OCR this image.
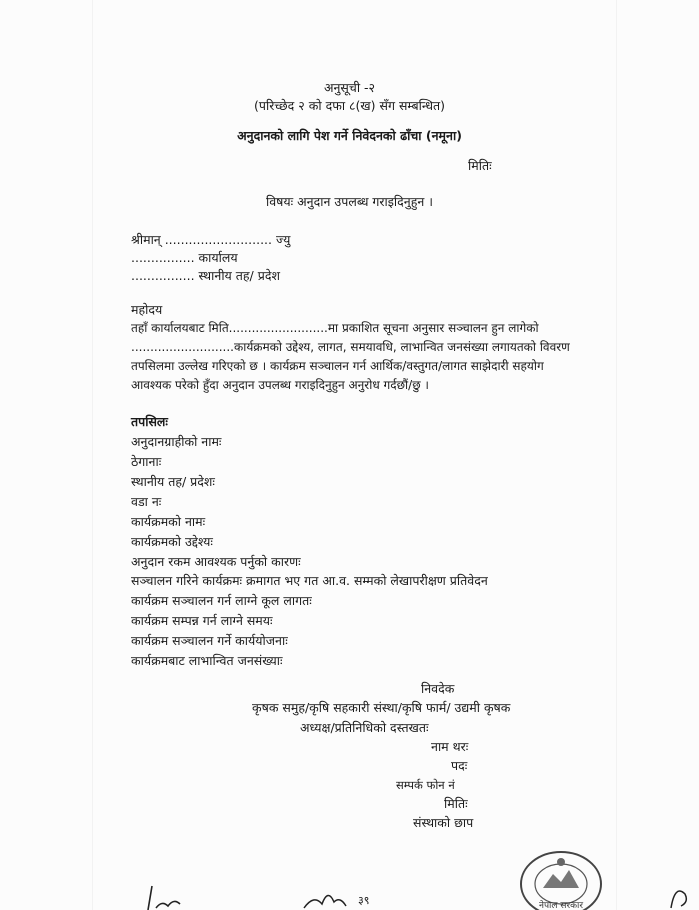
अनुसूची -२
(परिच्छेद २ को दफा ८(ख) सँग सम्बन्धित)
अनुदानको लागि पेश गर्ने निवेदनको ढाँचा (नमूना)
मितिः
विषयः अनुदान उपलब्ध गराइदिनुहुन ।
श्रीमान् ........................... ज्यु
................ कार्यालय
................ स्थानीय तह/ प्रदेश
महोदय
तहाँ कार्यालयबाट मिति..........................मा प्रकाशित सूचना अनुसार सञ्चालन हुन लागेको
...........................कार्यक्रमको उद्देश्य, लागत, समयावधि, लाभान्वित जनसंख्या लगायतको विवरण
तपसिलमा उल्लेख गरिएको छ । कार्यक्रम सञ्चालन गर्न आर्थिक/वस्तुगत/लागत साझेदारी सहयोग
आवश्यक परेको हुँदा अनुदान उपलब्ध गराइदिनुहुन अनुरोध गर्दछौं/छु ।
तपसिलः
अनुदानग्राहीको नामः
ठेगानाः
स्थानीय तह/ प्रदेशः
वडा नः
कार्यक्रमको नामः
कार्यक्रमको उद्देश्यः
अनुदान रकम आवश्यक पर्नुको कारणः
सञ्चालन गरिने कार्यक्रमः क्रमागत भए गत आ.व. सम्मको लेखापरीक्षण प्रतिवेदन
कार्यक्रम सञ्चालन गर्न लाग्ने कूल लागतः
कार्यक्रम सम्पन्न गर्न लाग्ने समयः
कार्यक्रम सञ्चालन गर्ने कार्ययोजनाः
कार्यक्रमबाट लाभान्वित जनसंख्याः
निवदेक
कृषक समुह/कृषि सहकारी संस्था/कृषि फार्म/ उद्यमी कृषक
अध्यक्ष/प्रतिनिधिको दस्तखतः
नाम थरः
पदः
सम्पर्क फोन नं
मितिः
संस्थाको छाप
३९	नेपाल सरकार
